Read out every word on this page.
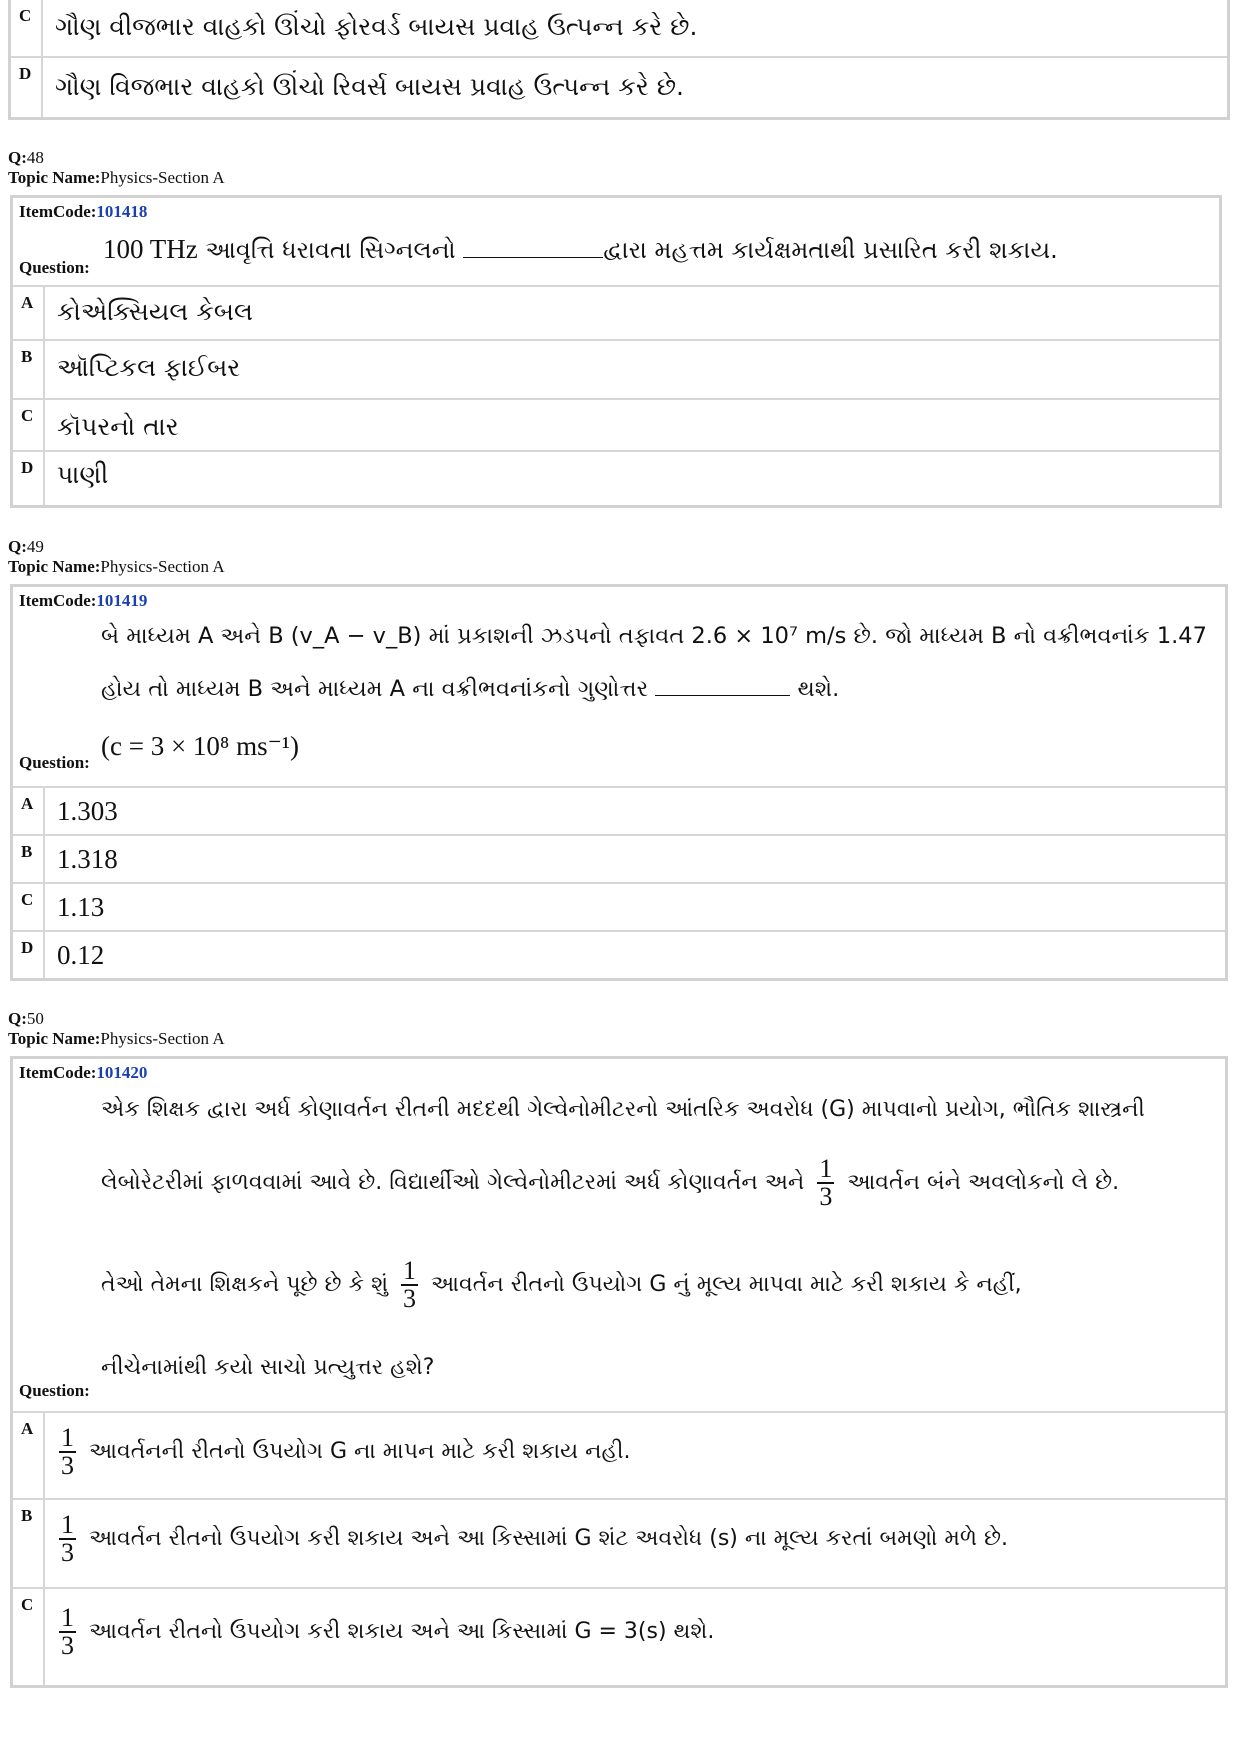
C ગૌણ વીજભાર વાહકો ઊંચો ફોરવર્ડ બાયસ પ્રવાહ ઉત્પન્ન કરે છે.
D ગૌણ વિજભાર વાહકો ઊંચો રિવર્સ બાયસ પ્રવાહ ઉત્પન્ન કરે છે.
Q:48
Topic Name:Physics-Section A
ItemCode:101418
100 THz આવૃત્તિ ધરાવતા સિગ્નલનો	દ્વારા મહત્તમ કાર્યક્ષમતાથી પ્રસારિત કરી શકાય.
Question:
A કોએક્સિયલ કેબલ
B ઑપ્ટિકલ ફાઈબર
C કૉપરનો તાર
D પાણી
Q:49
Topic Name:Physics-Section A
ItemCode:101419
બે માધ્યમ A અને B (v_A − v_B) માં પ્રકાશની ઝડપનો તફાવત 2.6 × 10⁷ m/s છે. જો માધ્યમ B નો વક્રીભવનાંક 1.47
હોય તો માધ્યમ B અને માધ્યમ A ના વક્રીભવનાંકનો ગુણોત્તર	થશે.
(c = 3 × 10⁸ ms⁻¹)
Question:
A 1.303
B 1.318
C 1.13
D 0.12
Q:50
Topic Name:Physics-Section A
ItemCode:101420
એક શિક્ષક દ્વારા અર્ધ કોણાવર્તન રીતની મદદથી ગેલ્વેનોમીટરનો આંતરિક અવરોધ (G) માપવાનો પ્રયોગ, ભૌતિક શાસ્ત્રની
લેબોરેટરીમાં ફાળવવામાં આવે છે. વિદ્યાર્થીઓ ગેલ્વેનોમીટરમાં અર્ધ કોણાવર્તન અને $\frac{1}{3}$ આવર્તન બંને અવલોકનો લે છે.
તેઓ તેમના શિક્ષકને પૂછે છે કે શું $\frac{1}{3}$ આવર્તન રીતનો ઉપયોગ G નું મૂલ્ય માપવા માટે કરી શકાય કે નહીં,
નીચેનામાંથી કયો સાચો પ્રત્યુત્તર હશે?
Question:
A $\frac{1}{3}$ આવર્તનની રીતનો ઉપયોગ G ના માપન માટે કરી શકાય નહી.
B $\frac{1}{3}$ આવર્તન રીતનો ઉપયોગ કરી શકાય અને આ કિસ્સામાં G શંટ અવરોધ (s) ના મૂલ્ય કરતાં બમણો મળે છે.
C
$\frac{1}{3}$ આવર્તન રીતનો ઉપયોગ કરી શકાય અને આ કિસ્સામાં G = 3(s) થશે.
